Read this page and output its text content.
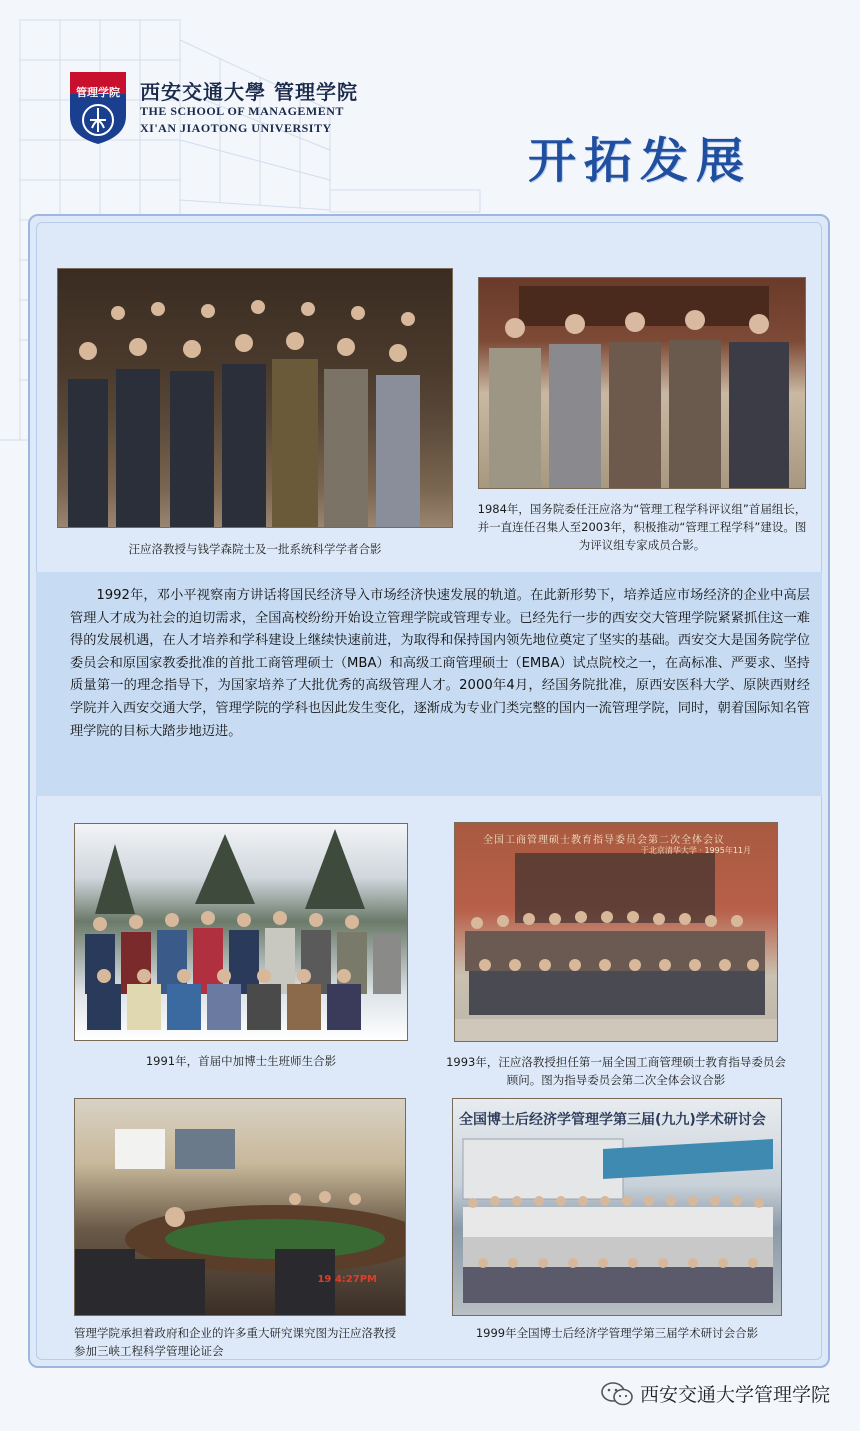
管理学院	西安交通大學 管理学院
THE SCHOOL OF MANAGEMENT
XI'AN JIAOTONG UNIVERSITY
开拓发展
汪应洛教授与钱学森院士及一批系统科学学者合影
1984年，国务院委任汪应洛为“管理工程学科评议组”首届组长，并一直连任召集人至2003年，积极推动“管理工程学科”建设。图为评议组专家成员合影。
1992年，邓小平视察南方讲话将国民经济导入市场经济快速发展的轨道。在此新形势下，培养适应市场经济的企业中高层管理人才成为社会的迫切需求，全国高校纷纷开始设立管理学院或管理专业。已经先行一步的西安交大管理学院紧紧抓住这一难得的发展机遇，在人才培养和学科建设上继续快速前进，为取得和保持国内领先地位奠定了坚实的基础。西安交大是国务院学位委员会和原国家教委批准的首批工商管理硕士（MBA）和高级工商管理硕士（EMBA）试点院校之一，在高标准、严要求、坚持质量第一的理念指导下，为国家培养了大批优秀的高级管理人才。2000年4月，经国务院批准，原西安医科大学、原陕西财经学院并入西安交通大学，管理学院的学科也因此发生变化，逐渐成为专业门类完整的国内一流管理学院，同时，朝着国际知名管理学院的目标大踏步地迈进。
1991年，首届中加博士生班师生合影
全国工商管理硕士教育指导委员会第二次全体会议
于北京清华大学 · 1995年11月
1993年，汪应洛教授担任第一届全国工商管理硕士教育指导委员会顾问。图为指导委员会第二次全体会议合影
19 4:27PM
管理学院承担着政府和企业的许多重大研究课究图为汪应洛教授参加三峡工程科学管理论证会
全国博士后经济学管理学第三届(九九)学术研讨会
1999年全国博士后经济学管理学第三届学术研讨会合影
西安交通大学管理学院
